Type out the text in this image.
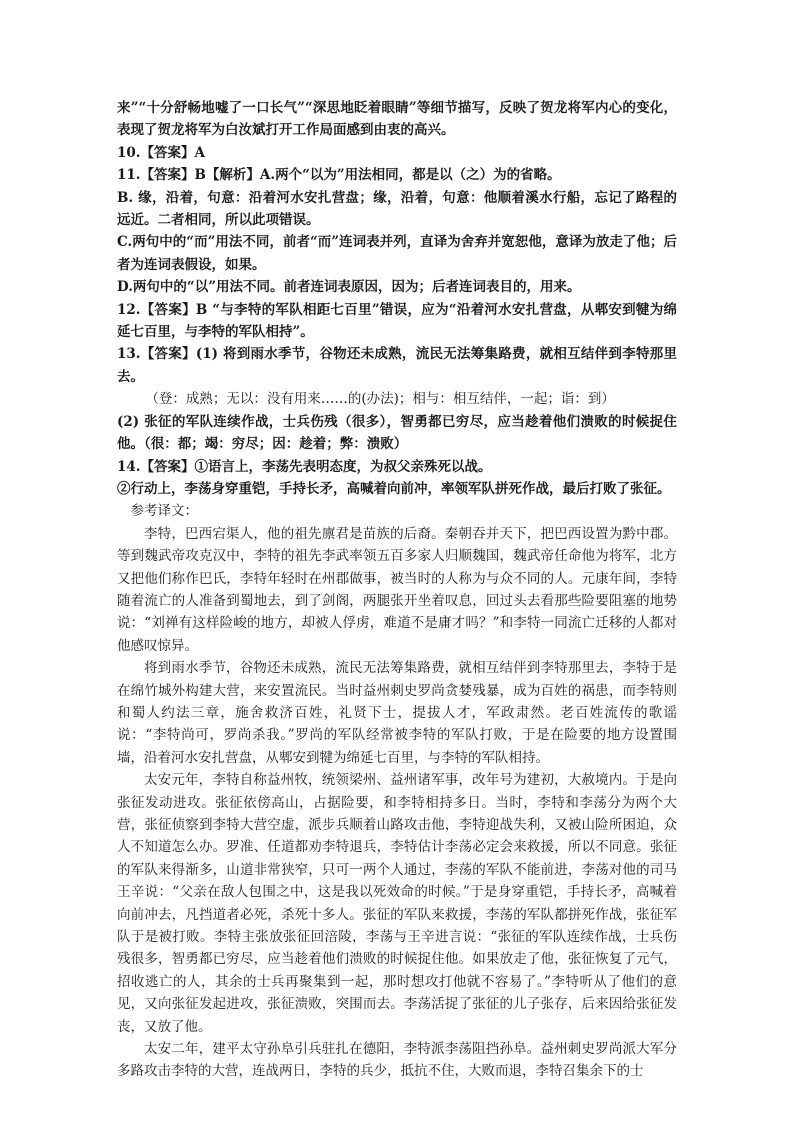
来”“十分舒畅地嘘了一口长气”“深思地眨着眼睛”等细节描写，反映了贺龙将军内心的变化，表现了贺龙将军为白汝斌打开工作局面感到由衷的高兴。

10.【答案】A

11.【答案】B【解析】A.两个“以为”用法相同，都是以（之）为的省略。

B. 缘，沿着，句意：沿着河水安扎营盘；缘，沿着，句意：他顺着溪水行船，忘记了路程的远近。二者相同，所以此项错误。

C.两句中的“而”用法不同，前者“而”连词表并列，直译为舍弃并宽恕他，意译为放走了他；后者为连词表假设，如果。

D.两句中的“以”用法不同。前者连词表原因，因为；后者连词表目的，用来。

12.【答案】B “与李特的军队相距七百里”错误，应为“沿着河水安扎营盘，从郫安到犍为绵延七百里，与李特的军队相持”。

13.【答案】(1) 将到雨水季节，谷物还未成熟，流民无法筹集路费，就相互结伴到李特那里去。

（登：成熟；无以：没有用来……的(办法)；相与：相互结伴，一起；诣：到）

(2) 张征的军队连续作战，士兵伤残（很多），智勇都已穷尽，应当趁着他们溃败的时候捉住他。（很：都；竭：穷尽；因：趁着；弊：溃败）

14.【答案】①语言上，李荡先表明态度，为叔父亲殊死以战。

②行动上，李荡身穿重铠，手持长矛，高喊着向前冲，率领军队拼死作战，最后打败了张征。

参考译文：

李特，巴西宕渠人，他的祖先廪君是苗族的后裔。秦朝吞并天下，把巴西设置为黔中郡。等到魏武帝攻克汉中，李特的祖先李武率领五百多家人归顺魏国，魏武帝任命他为将军，北方又把他们称作巴氏，李特年轻时在州郡做事，被当时的人称为与众不同的人。元康年间，李特随着流亡的人准备到蜀地去，到了剑阁，两腿张开坐着叹息，回过头去看那些险要阻塞的地势说：“刘禅有这样险峻的地方，却被人俘虏，难道不是庸才吗？”和李特一同流亡迁移的人都对他感叹惊异。

将到雨水季节，谷物还未成熟，流民无法筹集路费，就相互结伴到李特那里去，李特于是在绵竹城外构建大营，来安置流民。当时益州刺史罗尚贪婪残暴，成为百姓的祸患，而李特则和蜀人约法三章，施舍救济百姓，礼贤下士，提拔人才，军政肃然。老百姓流传的歌谣说：“李特尚可，罗尚杀我。”罗尚的军队经常被李特的军队打败，于是在险要的地方设置围墙，沿着河水安扎营盘，从郫安到犍为绵延七百里，与李特的军队相持。

太安元年，李特自称益州牧，统领梁州、益州诸军事，改年号为建初，大赦境内。于是向张征发动进攻。张征依傍高山，占据险要，和李特相持多日。当时，李特和李荡分为两个大营，张征侦察到李特大营空虚，派步兵顺着山路攻击他，李特迎战失利，又被山险所困迫，众人不知道怎么办。罗准、任道都劝李特退兵，李特估计李荡必定会来救援，所以不同意。张征的军队来得渐多，山道非常狭窄，只可一两个人通过，李荡的军队不能前进，李荡对他的司马王辛说：“父亲在敌人包围之中，这是我以死效命的时候。”于是身穿重铠，手持长矛，高喊着向前冲去，凡挡道者必死，杀死十多人。张征的军队来救援，李荡的军队都拼死作战，张征军队于是被打败。李特主张放张征回涪陵，李荡与王辛进言说：“张征的军队连续作战，士兵伤残很多，智勇都已穷尽，应当趁着他们溃败的时候捉住他。如果放走了他，张征恢复了元气，招收逃亡的人，其余的士兵再聚集到一起，那时想攻打他就不容易了。”李特听从了他们的意见，又向张征发起进攻，张征溃败，突围而去。李荡活捉了张征的儿子张存，后来因给张征发丧，又放了他。

太安二年，建平太守孙阜引兵驻扎在德阳，李特派李荡阻挡孙阜。益州刺史罗尚派大军分多路攻击李特的大营，连战两日，李特的兵少，抵抗不住，大败而退，李特召集余下的士
